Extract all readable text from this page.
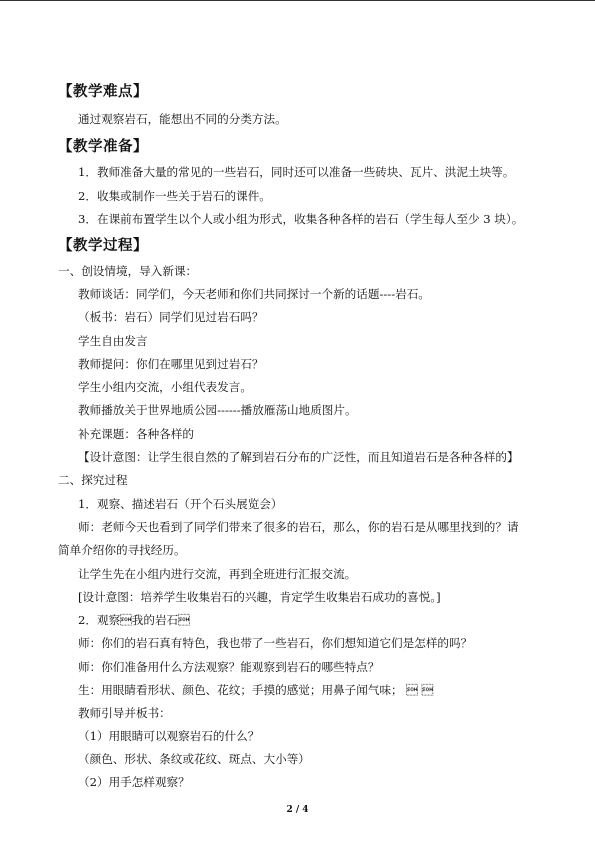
【教学难点】
通过观察岩石，能想出不同的分类方法。
【教学准备】
1．教师准备大量的常见的一些岩石，同时还可以准备一些砖块、瓦片、洪泥土块等。
2．收集或制作一些关于岩石的课件。
3．在课前布置学生以个人或小组为形式，收集各种各样的岩石（学生每人至少 3 块）。
【教学过程】
一、创设情境，导入新课：
教师谈话：同学们，今天老师和你们共同探讨一个新的话题----岩石。
（板书：岩石）同学们见过岩石吗？
学生自由发言
教师提问：你们在哪里见到过岩石？
学生小组内交流，小组代表发言。
教师播放关于世界地质公园------播放雁荡山地质图片。
补充课题：各种各样的
【设计意图：让学生很自然的了解到岩石分布的广泛性，而且知道岩石是各种各样的】
二、探究过程
1．观察、描述岩石（开个石头展览会）
师：老师今天也看到了同学们带来了很多的岩石，那么，你的岩石是从哪里找到的？请
简单介绍你的寻找经历。
让学生先在小组内进行交流，再到全班进行汇报交流。
[设计意图：培养学生收集岩石的兴趣，肯定学生收集岩石成功的喜悦。]
2．观察我的岩石
师：你们的岩石真有特色，我也带了一些岩石，你们想知道它们是怎样的吗？
师：你们准备用什么方法观察？能观察到岩石的哪些特点？
生：用眼睛看形状、颜色、花纹；手摸的感觉；用鼻子闻气味；  
教师引导并板书：
（1）用眼睛可以观察岩石的什么？
（颜色、形状、条纹或花纹、斑点、大小等）
（2）用手怎样观察？
2 / 4
